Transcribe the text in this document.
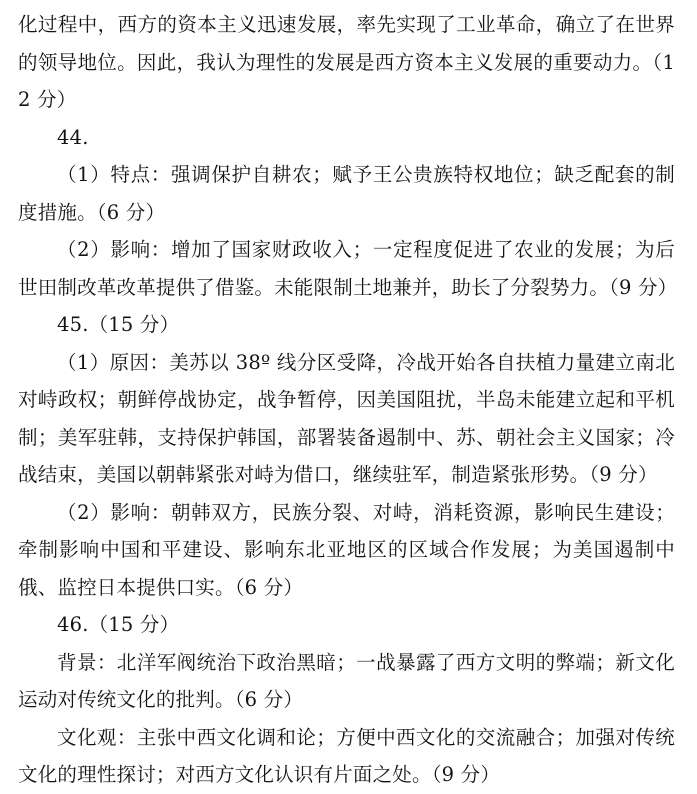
化过程中，西方的资本主义迅速发展，率先实现了工业革命，确立了在世界的领导地位。因此，我认为理性的发展是西方资本主义发展的重要动力。（12 分）

44.

（1）特点：强调保护自耕农；赋予王公贵族特权地位；缺乏配套的制度措施。（6 分）

（2）影响：增加了国家财政收入；一定程度促进了农业的发展；为后世田制改革改革提供了借鉴。未能限制土地兼并，助长了分裂势力。（9 分）

45.（15 分）

（1）原因：美苏以 38º 线分区受降，冷战开始各自扶植力量建立南北对峙政权；朝鲜停战协定，战争暂停，因美国阻扰，半岛未能建立起和平机制；美军驻韩，支持保护韩国，部署装备遏制中、苏、朝社会主义国家；冷战结束，美国以朝韩紧张对峙为借口，继续驻军，制造紧张形势。（9 分）

（2）影响：朝韩双方，民族分裂、对峙，消耗资源，影响民生建设；牵制影响中国和平建设、影响东北亚地区的区域合作发展；为美国遏制中俄、监控日本提供口实。（6 分）

46.（15 分）

背景：北洋军阀统治下政治黑暗；一战暴露了西方文明的弊端；新文化运动对传统文化的批判。（6 分）

文化观：主张中西文化调和论；方便中西文化的交流融合；加强对传统文化的理性探讨；对西方文化认识有片面之处。（9 分）
